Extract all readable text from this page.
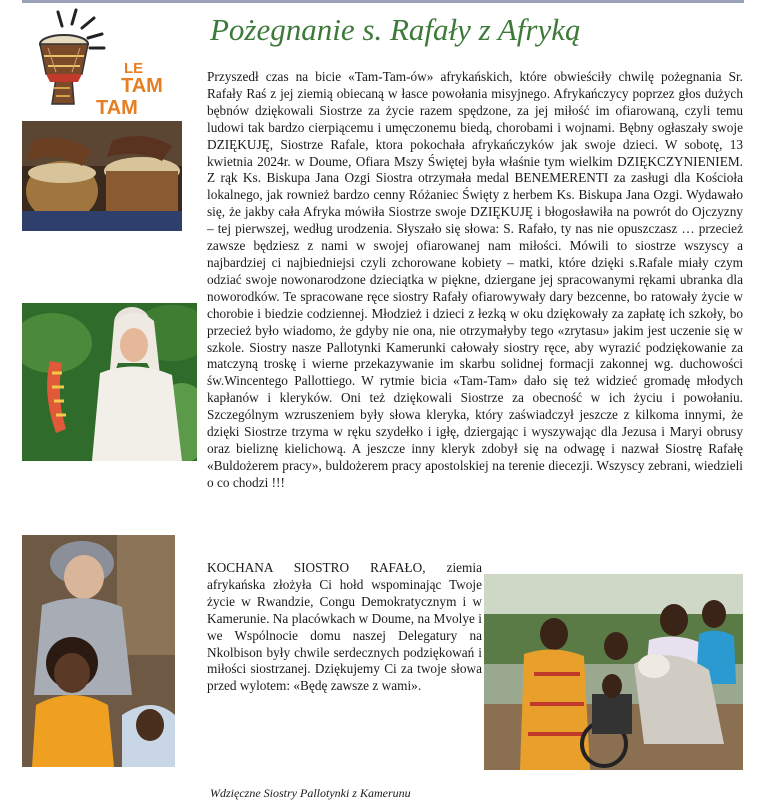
LE
TAM
TAM
Pożegnanie s. Rafały z Afryką

Przyszedł czas na bicie «Tam-Tam-ów» afrykańskich, które obwieściły chwilę pożegnania Sr. Rafały Raś z jej ziemią obiecaną w łasce powołania misyjnego. Afrykańczycy poprzez głos dużych bębnów dziękowali Siostrze za życie razem spędzone, za jej miłość im ofiarowaną, czyli temu ludowi tak bardzo cierpiącemu i umęczonemu biedą, chorobami i wojnami. Bębny ogłaszały swoje DZIĘKUJĘ, Siostrze Rafale, ktora pokochała afrykańczyków jak swoje dzieci. W sobotę, 13 kwietnia 2024r. w Doume, Ofiara Mszy Świętej była właśnie tym wielkim DZIĘKCZYNIENIEM. Z rąk Ks. Biskupa Jana Ozgi Siostra otrzymała medal BENEMERENTI za zasługi dla Kościoła lokalnego, jak rownież bardzo cenny Różaniec Święty z herbem Ks. Biskupa Jana Ozgi. Wydawało się, że jakby cała Afryka mówiła Siostrze swoje DZIĘKUJĘ i błogosławiła na powrót do Ojczyzny – tej pierwszej, według urodzenia. Słyszało się słowa: S. Rafało, ty nas nie opuszczasz … przecież zawsze będziesz z nami w swojej ofiarowanej nam miłości. Mówili to siostrze wszyscy a najbardziej ci najbiedniejsi czyli zchorowane kobiety – matki, które dzięki s.Rafale miały czym odziać swoje nowonarodzone dzieciątka w piękne, dziergane jej spracowanymi rękami ubranka dla noworodków. Te spracowane ręce siostry Rafały ofiarowywały dary bezcenne, bo ratowały życie w chorobie i biedzie codziennej. Młodzież i dzieci z łezką w oku dziękowały za zapłatę ich szkoły, bo przecież było wiadomo, że gdyby nie ona, nie otrzymałyby tego «zrytasu» jakim jest uczenie się w szkole. Siostry nasze Pallotynki Kamerunki całowały siostry ręce, aby wyrazić podziękowanie za matczyną troskę i wierne przekazywanie im skarbu solidnej formacji zakonnej wg. duchowości św.Wincentego Pallottiego. W rytmie bicia «Tam-Tam» dało się też widzieć gromadę młodych kapłanów i kleryków. Oni też dziękowali Siostrze za obecność w ich życiu i powołaniu. Szczególnym wzruszeniem były słowa kleryka, który zaświadczył jeszcze z kilkoma innymi, że dzięki Siostrze trzyma w ręku szydełko i igłę, dziergając i wyszywając dla Jezusa i Maryi obrusy oraz bieliznę kielichową. A jeszcze inny kleryk zdobył się na odwagę i nazwał Siostrę Rafałę «Buldożerem pracy», buldożerem pracy apostolskiej na terenie diecezji. Wszyscy zebrani, wiedzieli o co chodzi !!!

KOCHANA SIOSTRO RAFAŁO, ziemia afrykańska złożyła Ci hołd wspominając Twoje życie w Rwandzie, Congu Demokratycznym i w Kamerunie. Na placówkach w Doume, na Mvolye i we Wspólnocie domu naszej Delegatury na Nkolbison były chwile serdecznych podziękowań i miłości siostrzanej. Dziękujemy Ci za twoje słowa przed wylotem: «Będę zawsze z wami».

Wdzięczne Siostry Pallotynki z Kamerunu
